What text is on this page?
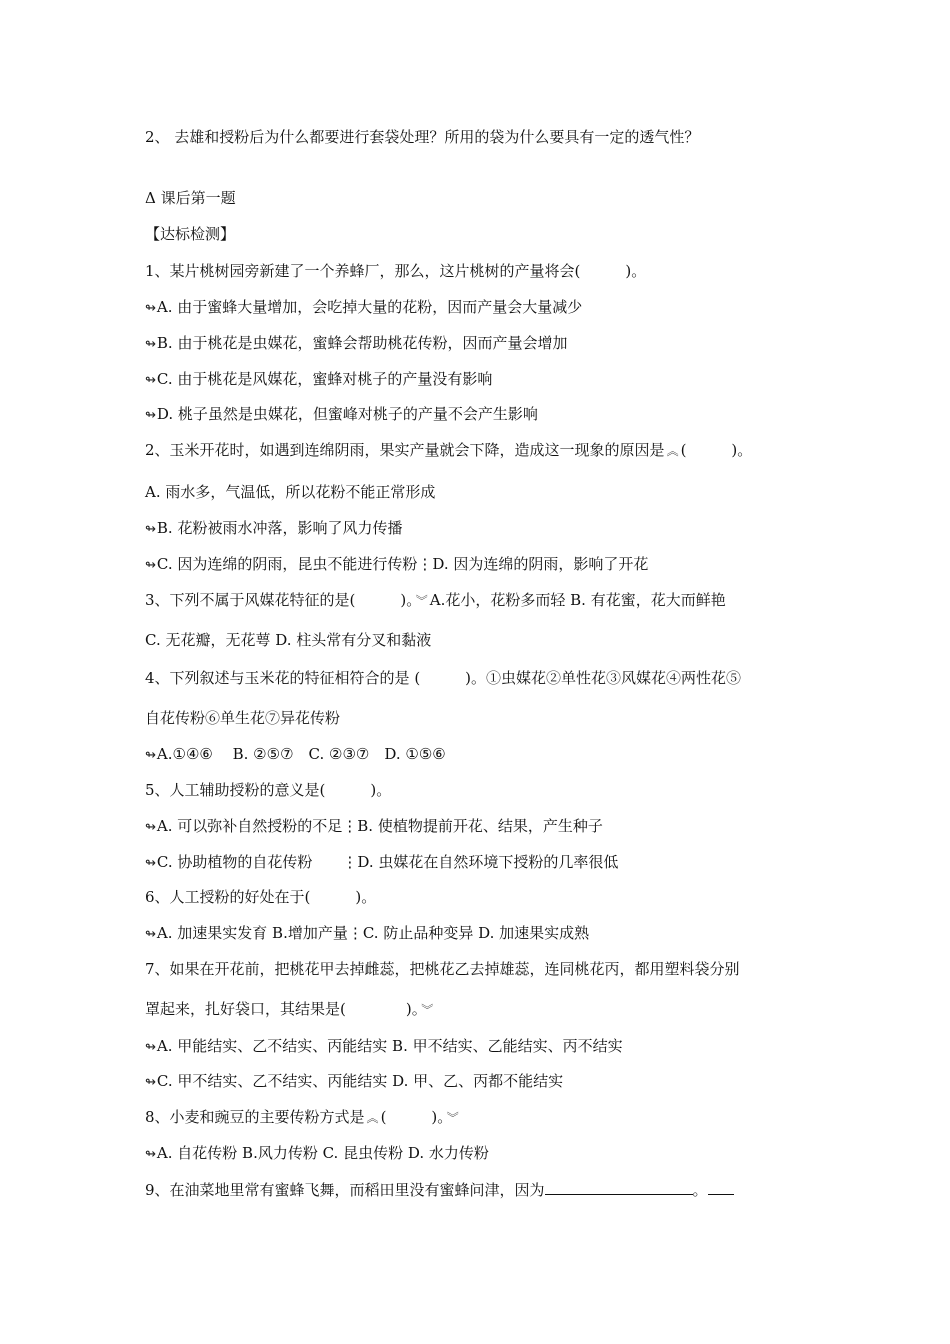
2、 去雄和授粉后为什么都要进行套袋处理？所用的袋为什么要具有一定的透气性？
Δ 课后第一题
【达标检测】
1、某片桃树园旁新建了一个养蜂厂，那么，这片桃树的产量将会(　　　)。
↬ A. 由于蜜蜂大量增加，会吃掉大量的花粉，因而产量会大量减少
↬ B. 由于桃花是虫媒花，蜜蜂会帮助桃花传粉，因而产量会增加
↬ C. 由于桃花是风媒花，蜜蜂对桃子的产量没有影响
↬ D. 桃子虽然是虫媒花，但蜜峰对桃子的产量不会产生影响
2、玉米开花时，如遇到连绵阴雨，果实产量就会下降，造成这一现象的原因是 ︽ (　　　)。
A. 雨水多，气温低，所以花粉不能正常形成
↬ B. 花粉被雨水冲落，影响了风力传播
↬ C. 因为连绵的阴雨，昆虫不能进行传粉⋮D. 因为连绵的阴雨，影响了开花
3、下列不属于风媒花特征的是(　　　)。 ︾ A.花小，花粉多而轻 B. 有花蜜，花大而鲜艳
C. 无花瓣，无花萼 D. 柱头常有分叉和黏液
4、下列叙述与玉米花的特征相符合的是 (　　　)。①虫媒花②单性花③风媒花④两性花⑤
自花传粉⑥单生花⑦异花传粉
↬ A.①④⑥　 B. ②⑤⑦　C. ②③⑦　D. ①⑤⑥
5、人工辅助授粉的意义是(　　　)。
↬ A. 可以弥补自然授粉的不足⋮B. 使植物提前开花、结果，产生种子
↬ C. 协助植物的自花传粉　　⋮D. 虫媒花在自然环境下授粉的几率很低
6、人工授粉的好处在于(　　　)。
↬ A. 加速果实发育 B.增加产量⋮C. 防止品种变异 D. 加速果实成熟
7、如果在开花前，把桃花甲去掉雌蕊，把桃花乙去掉雄蕊，连同桃花丙，都用塑料袋分别
罩起来，扎好袋口，其结果是(　　　　)。 ︾
↬ A. 甲能结实、乙不结实、丙能结实 B. 甲不结实、乙能结实、丙不结实
↬ C. 甲不结实、乙不结实、丙能结实 D. 甲、乙、丙都不能结实
8、小麦和豌豆的主要传粉方式是 ︽ (　　　)。 ︾
↬ A. 自花传粉 B.风力传粉 C. 昆虫传粉 D. 水力传粉
9、在油菜地里常有蜜蜂飞舞，而稻田里没有蜜蜂问津，因为	。
